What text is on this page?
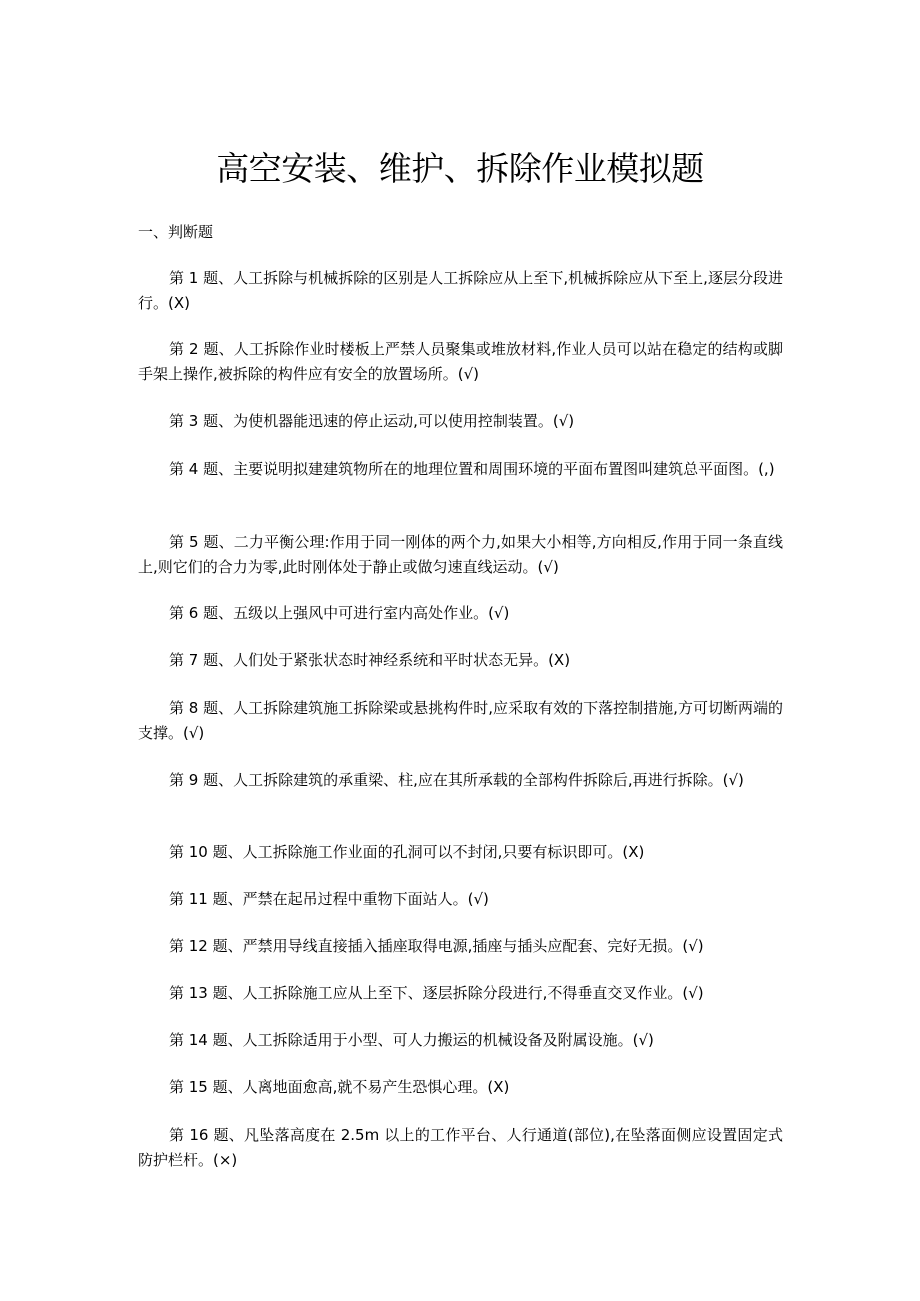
高空安装、维护、拆除作业模拟题

一、判断题

第 1 题、人工拆除与机械拆除的区别是人工拆除应从上至下,机械拆除应从下至上,逐层分段进行。(X)

第 2 题、人工拆除作业时楼板上严禁人员聚集或堆放材料,作业人员可以站在稳定的结构或脚手架上操作,被拆除的构件应有安全的放置场所。(√)

第 3 题、为使机器能迅速的停止运动,可以使用控制装置。(√)

第 4 题、主要说明拟建建筑物所在的地理位置和周围环境的平面布置图叫建筑总平面图。(,)

第 5 题、二力平衡公理:作用于同一刚体的两个力,如果大小相等,方向相反,作用于同一条直线上,则它们的合力为零,此时刚体处于静止或做匀速直线运动。(√)

第 6 题、五级以上强风中可进行室内高处作业。(√)

第 7 题、人们处于紧张状态时神经系统和平时状态无异。(X)

第 8 题、人工拆除建筑施工拆除梁或悬挑构件时,应采取有效的下落控制措施,方可切断两端的支撑。(√)

第 9 题、人工拆除建筑的承重梁、柱,应在其所承载的全部构件拆除后,再进行拆除。(√)

第 10 题、人工拆除施工作业面的孔洞可以不封闭,只要有标识即可。(X)

第 11 题、严禁在起吊过程中重物下面站人。(√)

第 12 题、严禁用导线直接插入插座取得电源,插座与插头应配套、完好无损。(√)

第 13 题、人工拆除施工应从上至下、逐层拆除分段进行,不得垂直交叉作业。(√)

第 14 题、人工拆除适用于小型、可人力搬运的机械设备及附属设施。(√)

第 15 题、人离地面愈高,就不易产生恐惧心理。(X)

第 16 题、凡坠落高度在 2.5m 以上的工作平台、人行通道(部位),在坠落面侧应设置固定式防护栏杆。(×)
